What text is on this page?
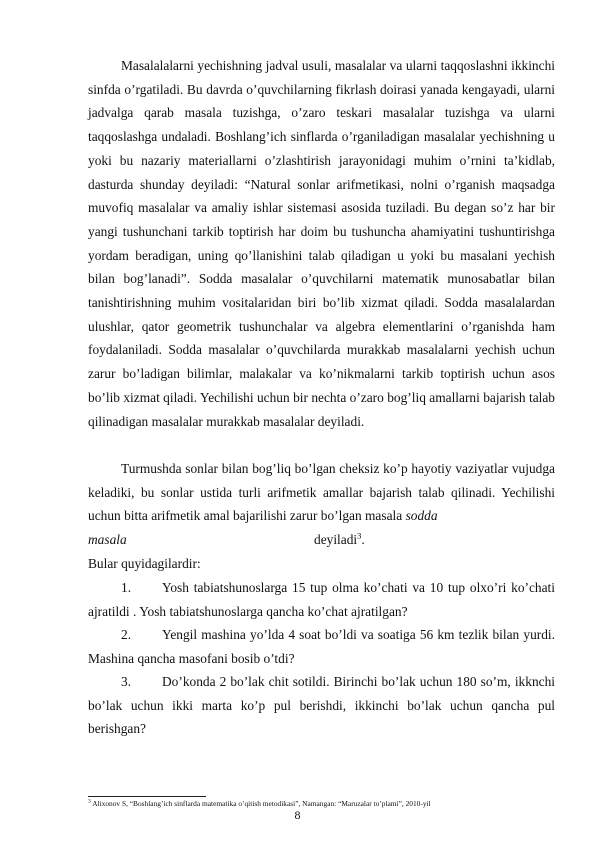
Masalalalarni yechishning jadval usuli, masalalar va ularni taqqoslashni ikkinchi sinfda o’rgatiladi. Bu davrda o’quvchilarning fikrlash doirasi yanada kengayadi, ularni jadvalga qarab masala tuzishga, o’zaro teskari masalalar tuzishga va ularni taqqoslashga undaladi. Boshlang’ich sinflarda o’rganiladigan masalalar yechishning u yoki bu nazariy materiallarni o’zlashtirish jarayonidagi muhim o’rnini ta’kidlab, dasturda shunday deyiladi: “Natural sonlar arifmetikasi, nolni o’rganish maqsadga muvofiq masalalar va amaliy ishlar sistemasi asosida tuziladi. Bu degan so’z har bir yangi tushunchani tarkib toptirish har doim bu tushuncha ahamiyatini tushuntirishga yordam beradigan, uning qo’llanishini talab qiladigan u yoki bu masalani yechish bilan bog’lanadi”. Sodda masalalar o’quvchilarni matematik munosabatlar bilan tanishtirishning muhim vositalaridan biri bo’lib xizmat qiladi. Sodda masalalardan ulushlar, qator geometrik tushunchalar va algebra elementlarini o’rganishda ham foydalaniladi. Sodda masalalar o’quvchilarda murakkab masalalarni yechish uchun zarur bo’ladigan bilimlar, malakalar va ko’nikmalarni tarkib toptirish uchun asos bo’lib xizmat qiladi. Yechilishi uchun bir nechta o’zaro bog’liq amallarni bajarish talab qilinadigan masalalar murakkab masalalar deyiladi.

Turmushda sonlar bilan bog’liq bo’lgan cheksiz ko’p hayotiy vaziyatlar vujudga keladiki, bu sonlar ustida turli arifmetik amallar bajarish talab qilinadi. Yechilishi uchun bitta arifmetik amal bajarilishi zarur bo’lgan masala sodda
masala	deyiladi$^3$.

Bular quyidagilardir:

1. Yosh tabiatshunoslarga 15 tup olma ko’chati va 10 tup olxo’ri ko’chati ajratildi . Yosh tabiatshunoslarga qancha ko’chat ajratilgan?

2. Yengil mashina yo’lda 4 soat bo’ldi va soatiga 56 km tezlik bilan yurdi. Mashina qancha masofani bosib o’tdi?

3. Do’konda 2 bo’lak chit sotildi. Birinchi bo’lak uchun 180 so’m, ikknchi bo’lak uchun ikki marta ko’p pul berishdi, ikkinchi bo’lak uchun qancha pul berishgan?

$^3$ Alixonov S, “Boshlang’ich sinflarda matematika o’qitish metodikasi”, Namangan: “Maruzalar to’plami”, 2010-yil
8
